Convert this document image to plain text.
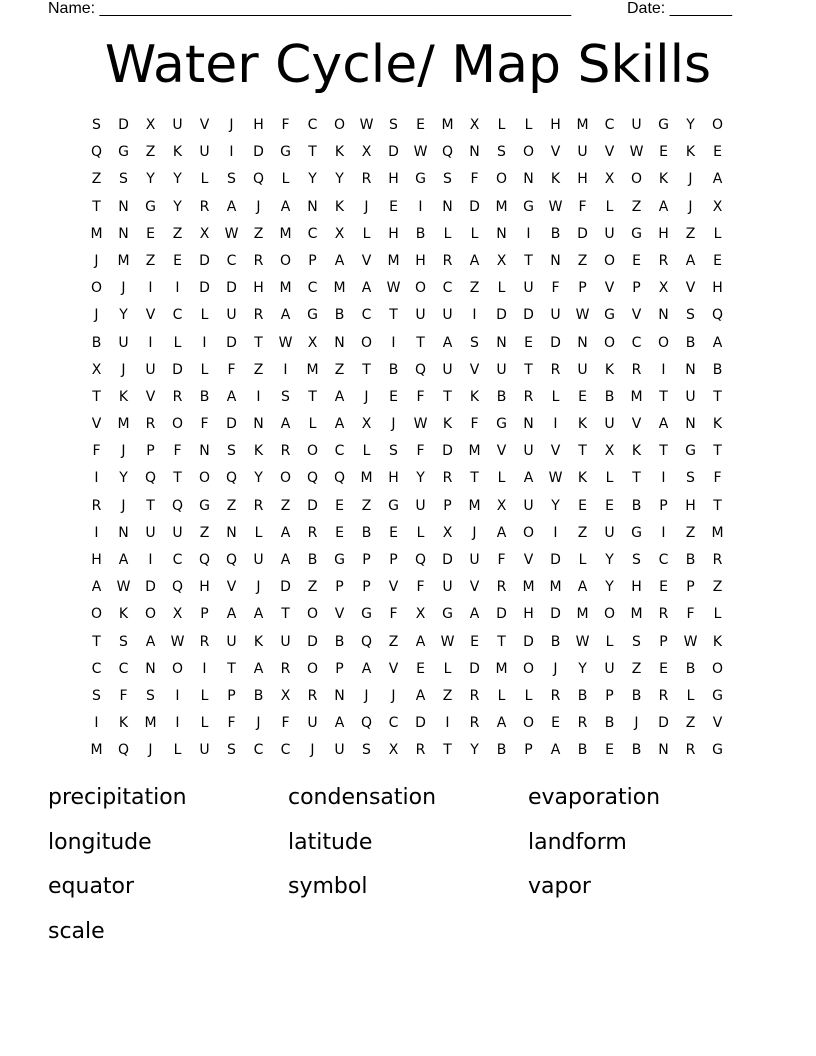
Name: _____________________________________________________	Date: _______
Water Cycle/ Map Skills
S	D	X	U	V	J	H	F	C	O	W	S	E	M	X	L	L	H	M	C	U	G	Y	O
Q	G	Z	K	U	I	D	G	T	K	X	D	W	Q	N	S	O	V	U	V	W	E	K	E
Z	S	Y	Y	L	S	Q	L	Y	Y	R	H	G	S	F	O	N	K	H	X	O	K	J	A
T	N	G	Y	R	A	J	A	N	K	J	E	I	N	D	M	G	W	F	L	Z	A	J	X
M	N	E	Z	X	W	Z	M	C	X	L	H	B	L	L	N	I	B	D	U	G	H	Z	L
J	M	Z	E	D	C	R	O	P	A	V	M	H	R	A	X	T	N	Z	O	E	R	A	E
O	J	I	I	D	D	H	M	C	M	A	W	O	C	Z	L	U	F	P	V	P	X	V	H
J	Y	V	C	L	U	R	A	G	B	C	T	U	U	I	D	D	U	W	G	V	N	S	Q
B	U	I	L	I	D	T	W	X	N	O	I	T	A	S	N	E	D	N	O	C	O	B	A
X	J	U	D	L	F	Z	I	M	Z	T	B	Q	U	V	U	T	R	U	K	R	I	N	B
T	K	V	R	B	A	I	S	T	A	J	E	F	T	K	B	R	L	E	B	M	T	U	T
V	M	R	O	F	D	N	A	L	A	X	J	W	K	F	G	N	I	K	U	V	A	N	K
F	J	P	F	N	S	K	R	O	C	L	S	F	D	M	V	U	V	T	X	K	T	G	T
I	Y	Q	T	O	Q	Y	O	Q	Q	M	H	Y	R	T	L	A	W	K	L	T	I	S	F
R	J	T	Q	G	Z	R	Z	D	E	Z	G	U	P	M	X	U	Y	E	E	B	P	H	T
I	N	U	U	Z	N	L	A	R	E	B	E	L	X	J	A	O	I	Z	U	G	I	Z	M
H	A	I	C	Q	Q	U	A	B	G	P	P	Q	D	U	F	V	D	L	Y	S	C	B	R
A	W	D	Q	H	V	J	D	Z	P	P	V	F	U	V	R	M	M	A	Y	H	E	P	Z
O	K	O	X	P	A	A	T	O	V	G	F	X	G	A	D	H	D	M	O	M	R	F	L
T	S	A	W	R	U	K	U	D	B	Q	Z	A	W	E	T	D	B	W	L	S	P	W	K
C	C	N	O	I	T	A	R	O	P	A	V	E	L	D	M	O	J	Y	U	Z	E	B	O
S	F	S	I	L	P	B	X	R	N	J	J	A	Z	R	L	L	R	B	P	B	R	L	G
I	K	M	I	L	F	J	F	U	A	Q	C	D	I	R	A	O	E	R	B	J	D	Z	V
M	Q	J	L	U	S	C	C	J	U	S	X	R	T	Y	B	P	A	B	E	B	N	R	G
precipitation	condensation	evaporation
longitude	latitude	landform
equator	symbol	vapor
scale
